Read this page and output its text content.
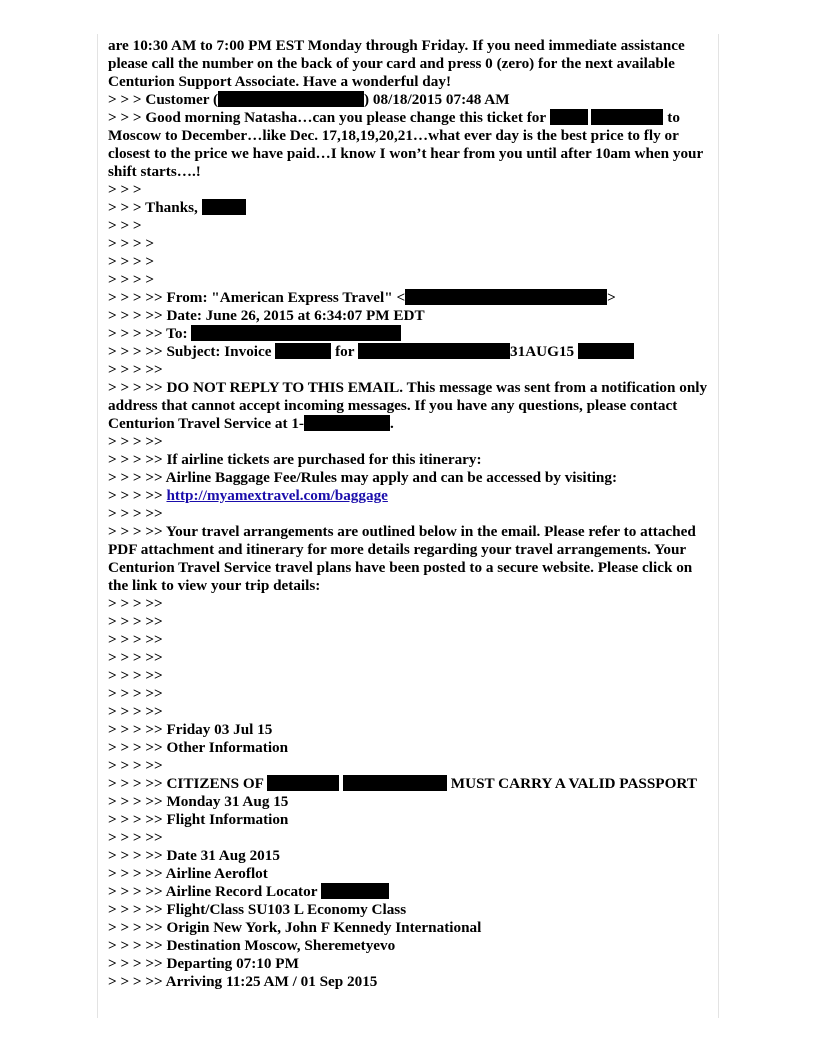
are 10:30 AM to 7:00 PM EST Monday through Friday. If you need immediate assistance please call the number on the back of your card and press 0 (zero) for the next available Centurion Support Associate. Have a wonderful day!
> > > Customer (	) 08/18/2015 07:48 AM
> > > Good morning Natasha…can you please change this ticket for	to Moscow to December…like Dec. 17,18,19,20,21…what ever day is the best price to fly or closest to the price we have paid…I know I won’t hear from you until after 10am when your shift starts….!
> > >
> > > Thanks,
> > >
> > > >
> > > >
> > > >
> > > >> From: "American Express Travel" <	>
> > > >> Date: June 26, 2015 at 6:34:07 PM EDT
> > > >> To:
> > > >> Subject: Invoice	for	31AUG15
> > > >>
> > > >> DO NOT REPLY TO THIS EMAIL. This message was sent from a notification only address that cannot accept incoming messages. If you have any questions, please contact Centurion Travel Service at 1-	.
> > > >>
> > > >> If airline tickets are purchased for this itinerary:
> > > >> Airline Baggage Fee/Rules may apply and can be accessed by visiting:
> > > >> http://myamextravel.com/baggage
> > > >>
> > > >> Your travel arrangements are outlined below in the email. Please refer to attached PDF attachment and itinerary for more details regarding your travel arrangements. Your Centurion Travel Service travel plans have been posted to a secure website. Please click on the link to view your trip details:
> > > >>
> > > >>
> > > >>
> > > >>
> > > >>
> > > >>
> > > >>
> > > >> Friday 03 Jul 15
> > > >> Other Information
> > > >>
> > > >> CITIZENS OF	MUST CARRY A VALID PASSPORT
> > > >> Monday 31 Aug 15
> > > >> Flight Information
> > > >>
> > > >> Date 31 Aug 2015
> > > >> Airline Aeroflot
> > > >> Airline Record Locator
> > > >> Flight/Class SU103 L Economy Class
> > > >> Origin New York, John F Kennedy International
> > > >> Destination Moscow, Sheremetyevo
> > > >> Departing 07:10 PM
> > > >> Arriving 11:25 AM / 01 Sep 2015
